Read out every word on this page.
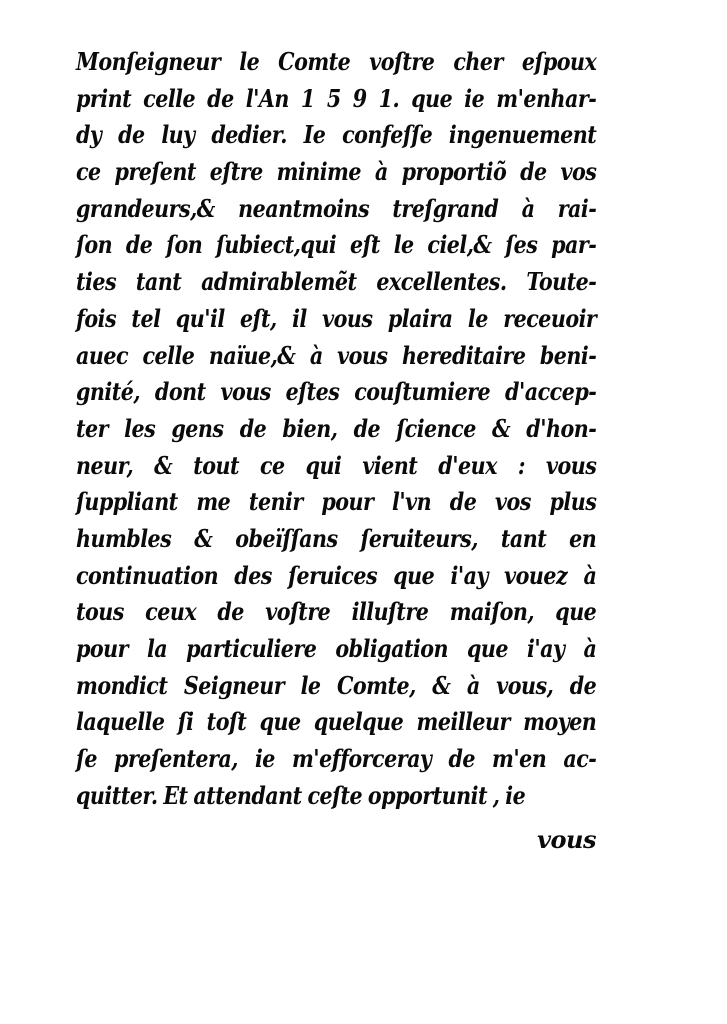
Monſeigneur le Comte voſtre cher eſpoux
print celle de l'An 1 5 9 1. que ie m'enhar-
dy de luy dedier. Ie confeſſe ingenuement
ce preſent eſtre minime à proportiõ de vos
grandeurs,& neantmoins treſgrand à rai-
ſon de ſon ſubiect,qui eſt le ciel,& ſes par-
ties tant admirablemẽt excellentes. Toute-
fois tel qu'il eſt, il vous plaira le receuoir
auec celle naïue,& à vous hereditaire beni-
gnité, dont vous eſtes couſtumiere d'accep-
ter les gens de bien, de ſcience & d'hon-
neur, & tout ce qui vient d'eux : vous
ſuppliant me tenir pour l'vn de vos plus
humbles & obeïſſans ſeruiteurs, tant en
continuation des ſeruices que i'ay vouez à
tous ceux de voſtre illuſtre maiſon, que
pour la particuliere obligation que i'ay à
mondict Seigneur le Comte, & à vous, de
laquelle ſi toſt que quelque meilleur moyen
ſe preſentera, ie m'efforceray de m'en ac-
quitter. Et attendant ceſte opportunit , ie
vous
